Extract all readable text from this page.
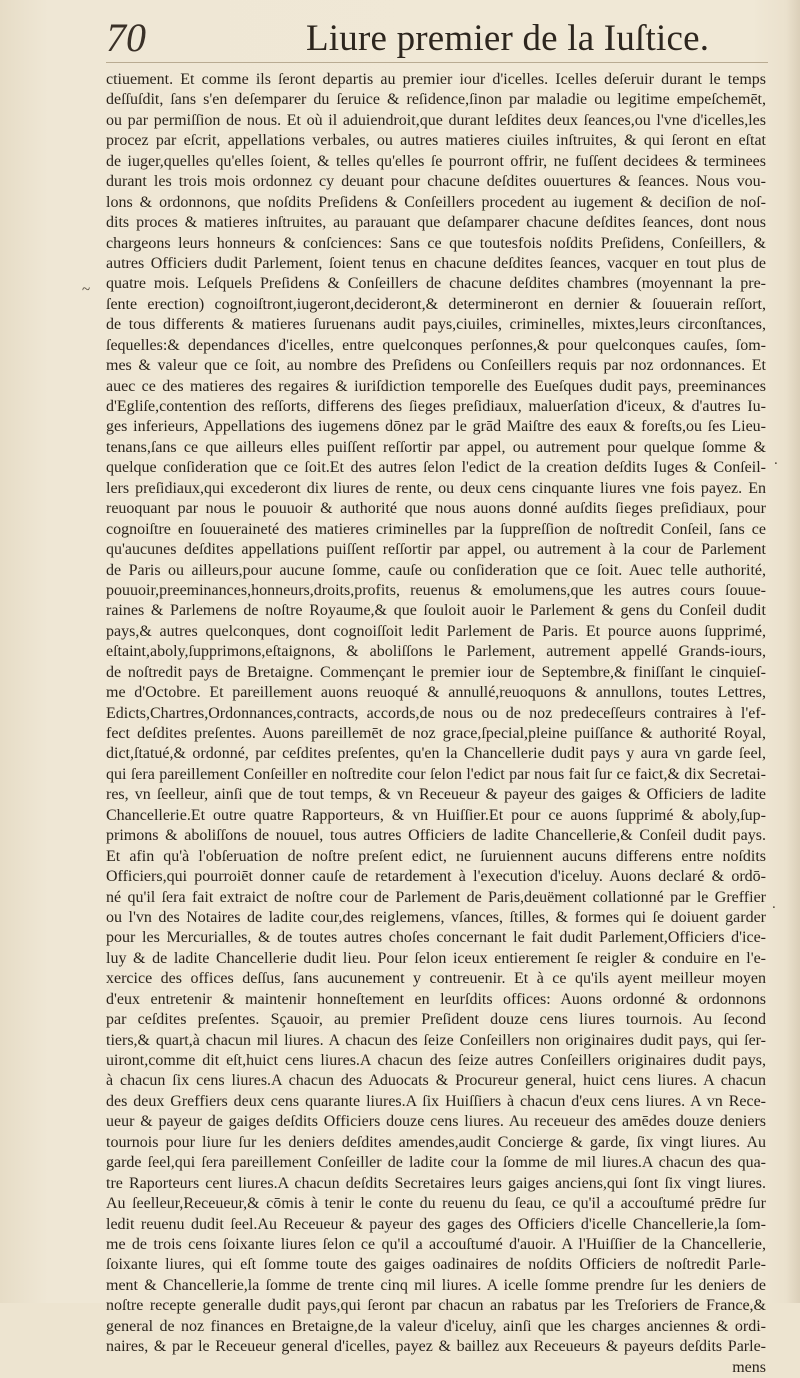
70	Liure premier de la Iuſtice.
~
.
.
ctiuement. Et comme ils ſeront departis au premier iour d'icelles. Icelles deſeruir durant le temps
deſſuſdit, ſans s'en deſemparer du ſeruice & reſidence,ſinon par maladie ou legitime empeſchemēt,
ou par permiſſion de nous. Et où il aduiendroit,que durant leſdites deux ſeances,ou l'vne d'icelles,les
procez par eſcrit, appellations verbales, ou autres matieres ciuiles inſtruites, & qui ſeront en eſtat
de iuger,quelles qu'elles ſoient, & telles qu'elles ſe pourront offrir, ne fuſſent decidees & terminees
durant les trois mois ordonnez cy deuant pour chacune deſdites ouuertures & ſeances. Nous vou-
lons & ordonnons, que noſdits Preſidens & Conſeillers procedent au iugement & deciſion de noſ-
dits proces & matieres inſtruites, au parauant que deſamparer chacune deſdites ſeances, dont nous
chargeons leurs honneurs & conſciences: Sans ce que toutesfois noſdits Preſidens, Conſeillers, &
autres Officiers dudit Parlement, ſoient tenus en chacune deſdites ſeances, vacquer en tout plus de
quatre mois. Leſquels Preſidens & Conſeillers de chacune deſdites chambres (moyennant la pre-
ſente erection) cognoiſtront,iugeront,decideront,& determineront en dernier & ſouuerain reſſort,
de tous differents & matieres ſuruenans audit pays,ciuiles, criminelles, mixtes,leurs circonſtances,
ſequelles:& dependances d'icelles, entre quelconques perſonnes,& pour quelconques cauſes, ſom-
mes & valeur que ce ſoit, au nombre des Preſidens ou Conſeillers requis par noz ordonnances. Et
auec ce des matieres des regaires & iuriſdiction temporelle des Eueſques dudit pays, preeminances
d'Egliſe,contention des reſſorts, differens des ſieges preſidiaux, maluerſation d'iceux, & d'autres Iu-
ges inferieurs, Appellations des iugemens dōnez par le grād Maiſtre des eaux & foreſts,ou ſes Lieu-
tenans,ſans ce que ailleurs elles puiſſent reſſortir par appel, ou autrement pour quelque ſomme &
quelque conſideration que ce ſoit.Et des autres ſelon l'edict de la creation deſdits Iuges & Conſeil-
lers preſidiaux,qui excederont dix liures de rente, ou deux cens cinquante liures vne fois payez. En
reuoquant par nous le pouuoir & authorité que nous auons donné auſdits ſieges preſidiaux, pour
cognoiſtre en ſouueraineté des matieres criminelles par la ſuppreſſion de noſtredit Conſeil, ſans ce
qu'aucunes deſdites appellations puiſſent reſſortir par appel, ou autrement à la cour de Parlement
de Paris ou ailleurs,pour aucune ſomme, cauſe ou conſideration que ce ſoit. Auec telle authorité,
pouuoir,preeminances,honneurs,droits,profits, reuenus & emolumens,que les autres cours ſouue-
raines & Parlemens de noſtre Royaume,& que ſouloit auoir le Parlement & gens du Conſeil dudit
pays,& autres quelconques, dont cognoiſſoit ledit Parlement de Paris. Et pource auons ſupprimé,
eſtaint,aboly,ſupprimons,eſtaignons, & aboliſſons le Parlement, autrement appellé Grands-iours,
de noſtredit pays de Bretaigne. Commençant le premier iour de Septembre,& finiſſant le cinquieſ-
me d'Octobre. Et pareillement auons reuoqué & annullé,reuoquons & annullons, toutes Lettres,
Edicts,Chartres,Ordonnances,contracts, accords,de nous ou de noz predeceſſeurs contraires à l'ef-
fect deſdites preſentes. Auons pareillemēt de noz grace,ſpecial,pleine puiſſance & authorité Royal,
dict,ſtatué,& ordonné, par ceſdites preſentes, qu'en la Chancellerie dudit pays y aura vn garde ſeel,
qui ſera pareillement Conſeiller en noſtredite cour ſelon l'edict par nous fait ſur ce faict,& dix Secretai-
res, vn ſeelleur, ainſi que de tout temps, & vn Receueur & payeur des gaiges & Officiers de ladite
Chancellerie.Et outre quatre Rapporteurs, & vn Huiſſier.Et pour ce auons ſupprimé & aboly,ſup-
primons & aboliſſons de nouuel, tous autres Officiers de ladite Chancellerie,& Conſeil dudit pays.
Et afin qu'à l'obſeruation de noſtre preſent edict, ne ſuruiennent aucuns differens entre noſdits
Officiers,qui pourroiēt donner cauſe de retardement à l'execution d'iceluy. Auons declaré & ordō-
né qu'il ſera fait extraict de noſtre cour de Parlement de Paris,deuëment collationné par le Greffier
ou l'vn des Notaires de ladite cour,des reiglemens, vſances, ſtilles, & formes qui ſe doiuent garder
pour les Mercurialles, & de toutes autres choſes concernant le fait dudit Parlement,Officiers d'ice-
luy & de ladite Chancellerie dudit lieu. Pour ſelon iceux entierement ſe reigler & conduire en l'e-
xercice des offices deſſus, ſans aucunement y contreuenir. Et à ce qu'ils ayent meilleur moyen
d'eux entretenir & maintenir honneſtement en leurſdits offices: Auons ordonné & ordonnons
par ceſdites preſentes. Sçauoir, au premier Preſident douze cens liures tournois. Au ſecond
tiers,& quart,à chacun mil liures. A chacun des ſeize Conſeillers non originaires dudit pays, qui ſer-
uiront,comme dit eſt,huict cens liures.A chacun des ſeize autres Conſeillers originaires dudit pays,
à chacun ſix cens liures.A chacun des Aduocats & Procureur general, huict cens liures. A chacun
des deux Greffiers deux cens quarante liures.A ſix Huiſſiers à chacun d'eux cens liures. A vn Rece-
ueur & payeur de gaiges deſdits Officiers douze cens liures. Au receueur des amēdes douze deniers
tournois pour liure ſur les deniers deſdites amendes,audit Concierge & garde, ſix vingt liures. Au
garde ſeel,qui ſera pareillement Conſeiller de ladite cour la ſomme de mil liures.A chacun des qua-
tre Raporteurs cent liures.A chacun deſdits Secretaires leurs gaiges anciens,qui ſont ſix vingt liures.
Au ſeelleur,Receueur,& cōmis à tenir le conte du reuenu du ſeau, ce qu'il a accouſtumé prēdre ſur
ledit reuenu dudit ſeel.Au Receueur & payeur des gages des Officiers d'icelle Chancellerie,la ſom-
me de trois cens ſoixante liures ſelon ce qu'il a accouſtumé d'auoir. A l'Huiſſier de la Chancellerie,
ſoixante liures, qui eſt ſomme toute des gaiges oadinaires de noſdits Officiers de noſtredit Parle-
ment & Chancellerie,la ſomme de trente cinq mil liures. A icelle ſomme prendre ſur les deniers de
noſtre recepte generalle dudit pays,qui ſeront par chacun an rabatus par les Treſoriers de France,&
general de noz finances en Bretaigne,de la valeur d'iceluy, ainſi que les charges anciennes & ordi-
naires, & par le Receueur general d'icelles, payez & baillez aux Receueurs & payeurs deſdits Parle-
mens
